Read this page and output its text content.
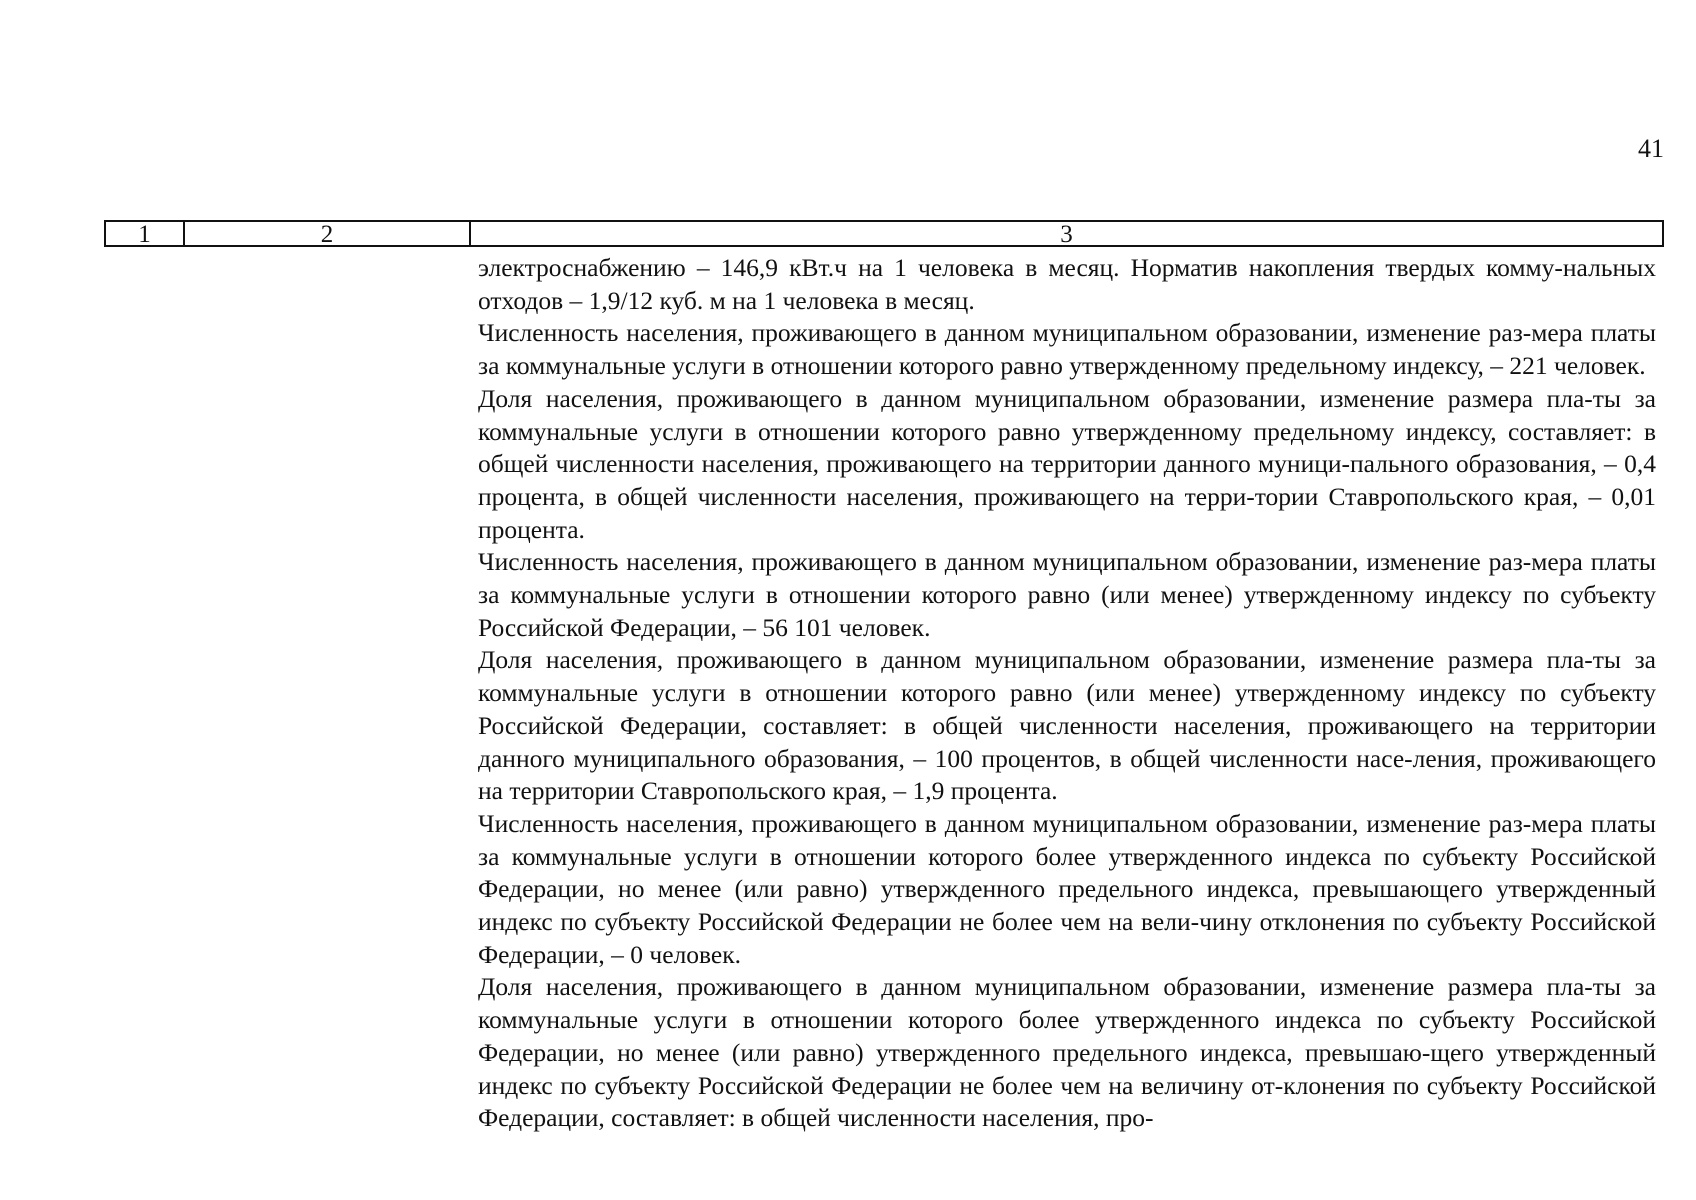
41
1	2	3

электроснабжению – 146,9 кВт.ч на 1 человека в месяц. Норматив накопления твердых комму-нальных отходов – 1,9/12 куб. м на 1 человека в месяц.

Численность населения, проживающего в данном муниципальном образовании, изменение раз-мера платы за коммунальные услуги в отношении которого равно утвержденному предельному индексу, – 221 человек.

Доля населения, проживающего в данном муниципальном образовании, изменение размера пла-ты за коммунальные услуги в отношении которого равно утвержденному предельному индексу, составляет: в общей численности населения, проживающего на территории данного муници-пального образования, – 0,4 процента, в общей численности населения, проживающего на терри-тории Ставропольского края, – 0,01 процента.

Численность населения, проживающего в данном муниципальном образовании, изменение раз-мера платы за коммунальные услуги в отношении которого равно (или менее) утвержденному индексу по субъекту Российской Федерации, – 56 101 человек.

Доля населения, проживающего в данном муниципальном образовании, изменение размера пла-ты за коммунальные услуги в отношении которого равно (или менее) утвержденному индексу по субъекту Российской Федерации, составляет: в общей численности населения, проживающего на территории данного муниципального образования, – 100 процентов, в общей численности насе-ления, проживающего на территории Ставропольского края, – 1,9 процента.

Численность населения, проживающего в данном муниципальном образовании, изменение раз-мера платы за коммунальные услуги в отношении которого более утвержденного индекса по субъекту Российской Федерации, но менее (или равно) утвержденного предельного индекса, превышающего утвержденный индекс по субъекту Российской Федерации не более чем на вели-чину отклонения по субъекту Российской Федерации, – 0 человек.

Доля населения, проживающего в данном муниципальном образовании, изменение размера пла-ты за коммунальные услуги в отношении которого более утвержденного индекса по субъекту Российской Федерации, но менее (или равно) утвержденного предельного индекса, превышаю-щего утвержденный индекс по субъекту Российской Федерации не более чем на величину от-клонения по субъекту Российской Федерации, составляет: в общей численности населения, про-
